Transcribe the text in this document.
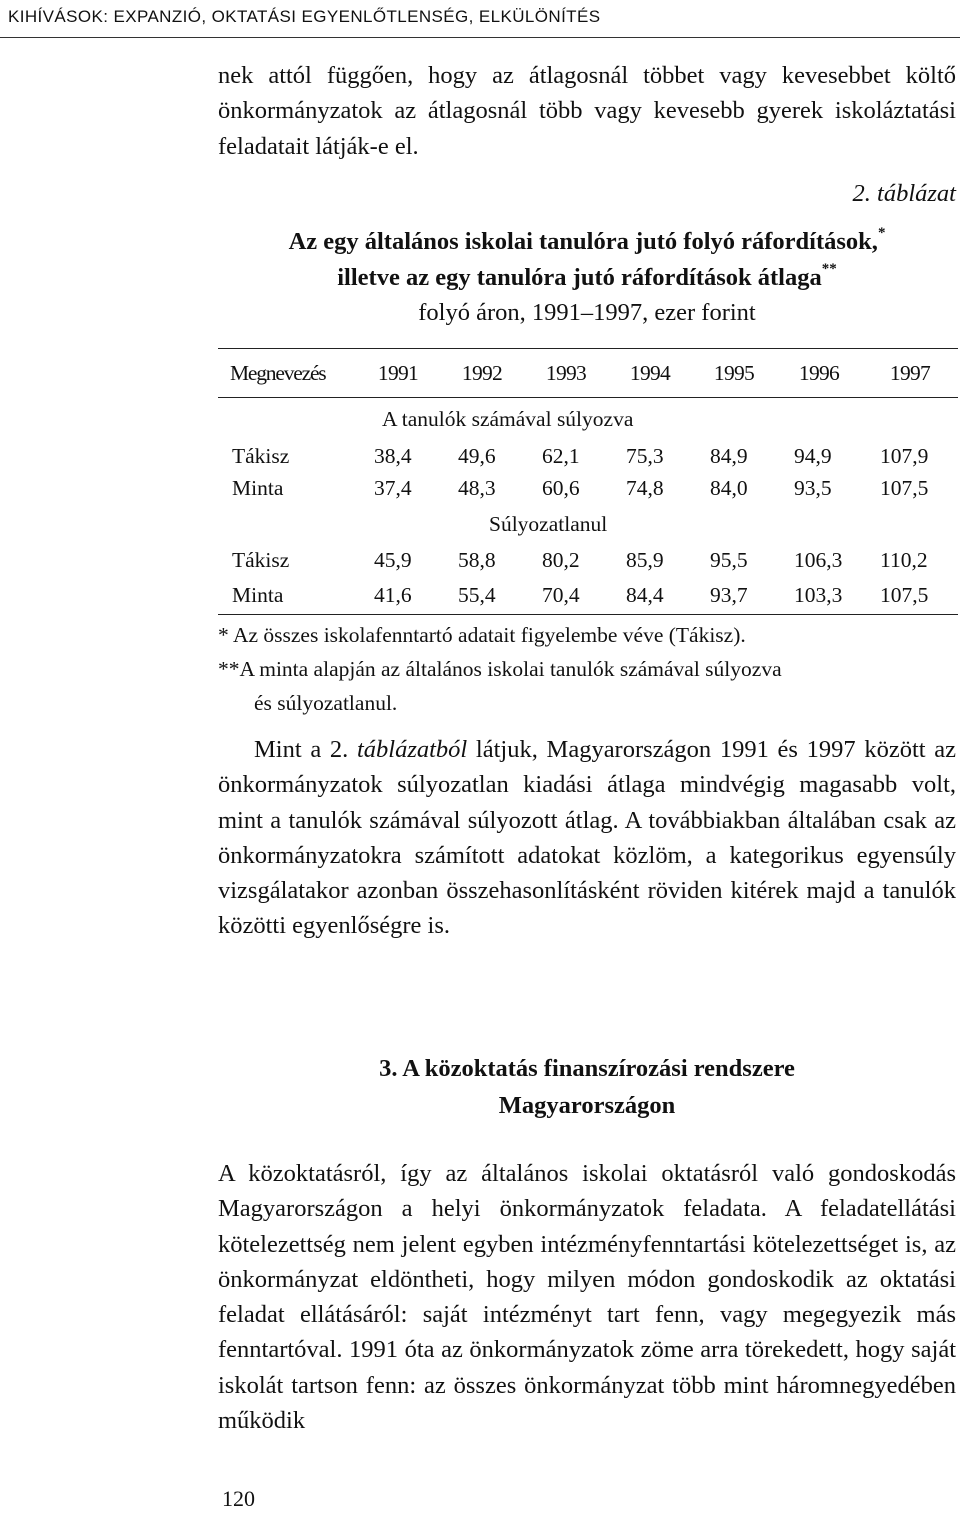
KIHÍVÁSOK: EXPANZIÓ, OKTATÁSI EGYENLŐTLENSÉG, ELKÜLÖNÍTÉS

nek attól függően, hogy az átlagosnál többet vagy kevesebbet költő önkormányzatok az átlagosnál több vagy kevesebb gyerek iskoláztatási feladatait látják-e el.

2. táblázat
Az egy általános iskolai tanulóra jutó folyó ráfordítások,*
illetve az egy tanulóra jutó ráfordítások átlaga**
folyó áron, 1991–1997, ezer forint
Megnevezés	1991	1992	1993	1994	1995	1996	1997
	A tanulók számával súlyozva						
Tákisz	38,4	49,6	62,1	75,3	84,9	94,9	107,9
Minta	37,4	48,3	60,6	74,8	84,0	93,5	107,5
	Súlyozatlanul						
Tákisz	45,9	58,8	80,2	85,9	95,5	106,3	110,2
Minta	41,6	55,4	70,4	84,4	93,7	103,3	107,5
* Az összes iskolafenntartó adatait figyelembe véve (Tákisz).
**A minta alapján az általános iskolai tanulók számával súlyozva
és súlyozatlanul.

Mint a 2. táblázatból látjuk, Magyarországon 1991 és 1997 között az önkormányzatok súlyozatlan kiadási átlaga mindvégig magasabb volt, mint a tanulók számával súlyozott átlag. A továbbiakban általában csak az önkormányzatokra számított adatokat közlöm, a kategorikus egyensúly vizsgálatakor azonban összehasonlításként röviden kitérek majd a tanulók közötti egyenlőségre is.

3. A közoktatás finanszírozási rendszere
Magyarországon

A közoktatásról, így az általános iskolai oktatásról való gondoskodás Magyarországon a helyi önkormányzatok feladata. A feladatellátási kötelezettség nem jelent egyben intézményfenntartási kötelezettséget is, az önkormányzat eldöntheti, hogy milyen módon gondoskodik az oktatási feladat ellátásáról: saját intézményt tart fenn, vagy megegyezik más fenntartóval. 1991 óta az önkormányzatok zöme arra törekedett, hogy saját iskolát tartson fenn: az összes önkormányzat több mint háromnegyedében működik

120
